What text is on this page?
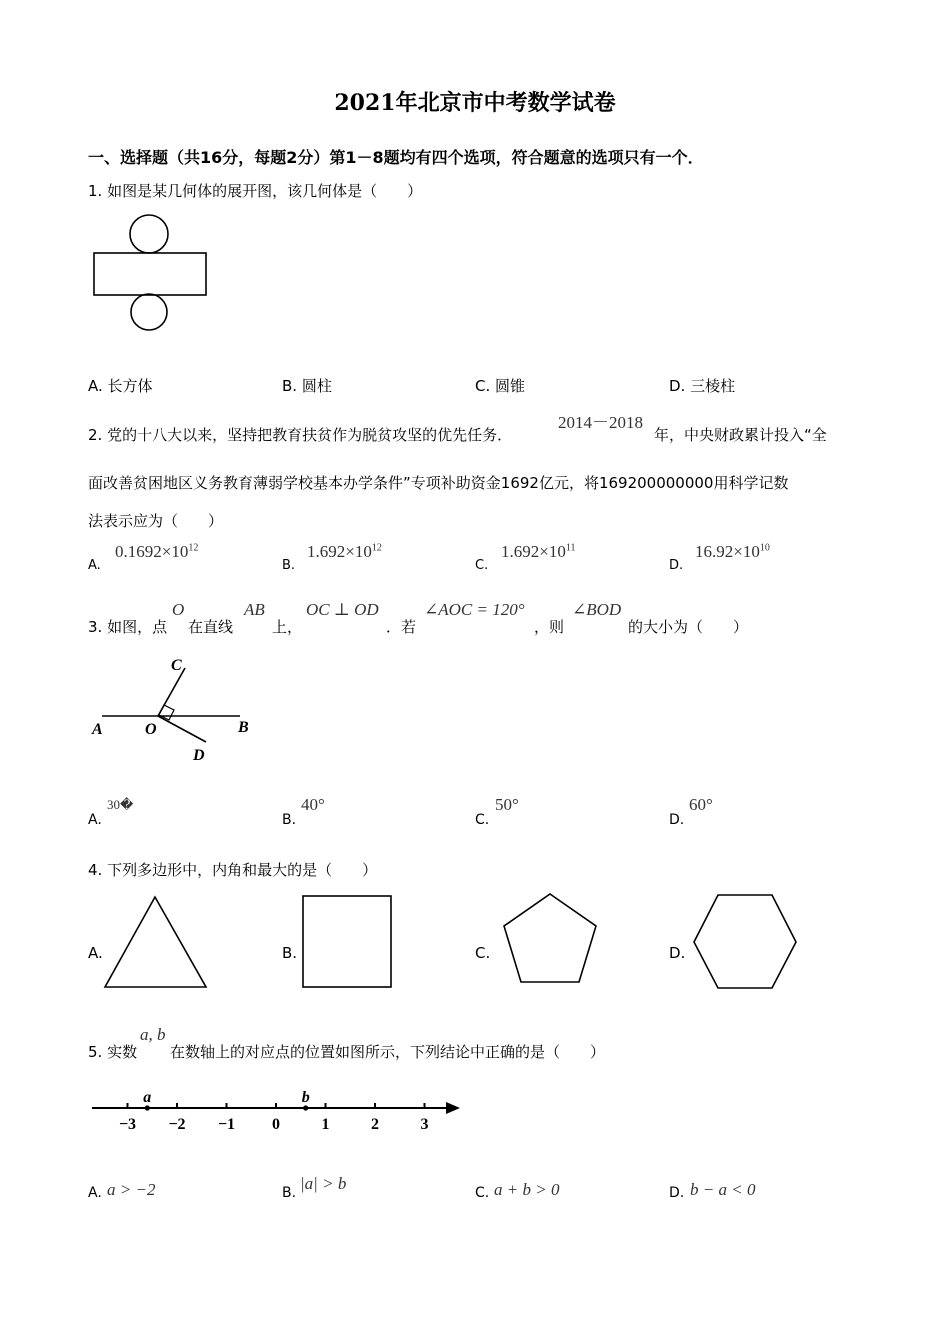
2021年北京市中考数学试卷
一、选择题（共16分，每题2分）第1－8题均有四个选项，符合题意的选项只有一个．
1. 如图是某几何体的展开图，该几何体是（　　）
A. 长方体	B. 圆柱	C. 圆锥	D. 三棱柱
2. 党的十八大以来，坚持把教育扶贫作为脱贫攻坚的优先任务．
2014－2018
年，中央财政累计投入“全
面改善贫困地区义务教育薄弱学校基本办学条件”专项补助资金1692亿元，将169200000000用科学记数
法表示应为（　　）
A.
$0.1692\times 10^{12}$
B.
$1.692\times 10^{12}$
C.
$1.692\times 10^{11}$
D.
$16.92\times 10^{10}$
3. 如图，点
O
在直线
AB
上，
OC ⊥ OD
．若
∠AOC = 120°
，则
∠BOD
的大小为（　　）
A	O	B
C
D
A.
30�
B.
40°
C.
50°
D.
60°
4. 下列多边形中，内角和最大的是（　　）
A.	B.	C.	D.
5. 实数
a, b
在数轴上的对应点的位置如图所示，下列结论中正确的是（　　）
−3 −2 −1 0	1	2	3
a	b
A. a > −2	B. |a| > b	C. a + b > 0	D. b − a < 0
